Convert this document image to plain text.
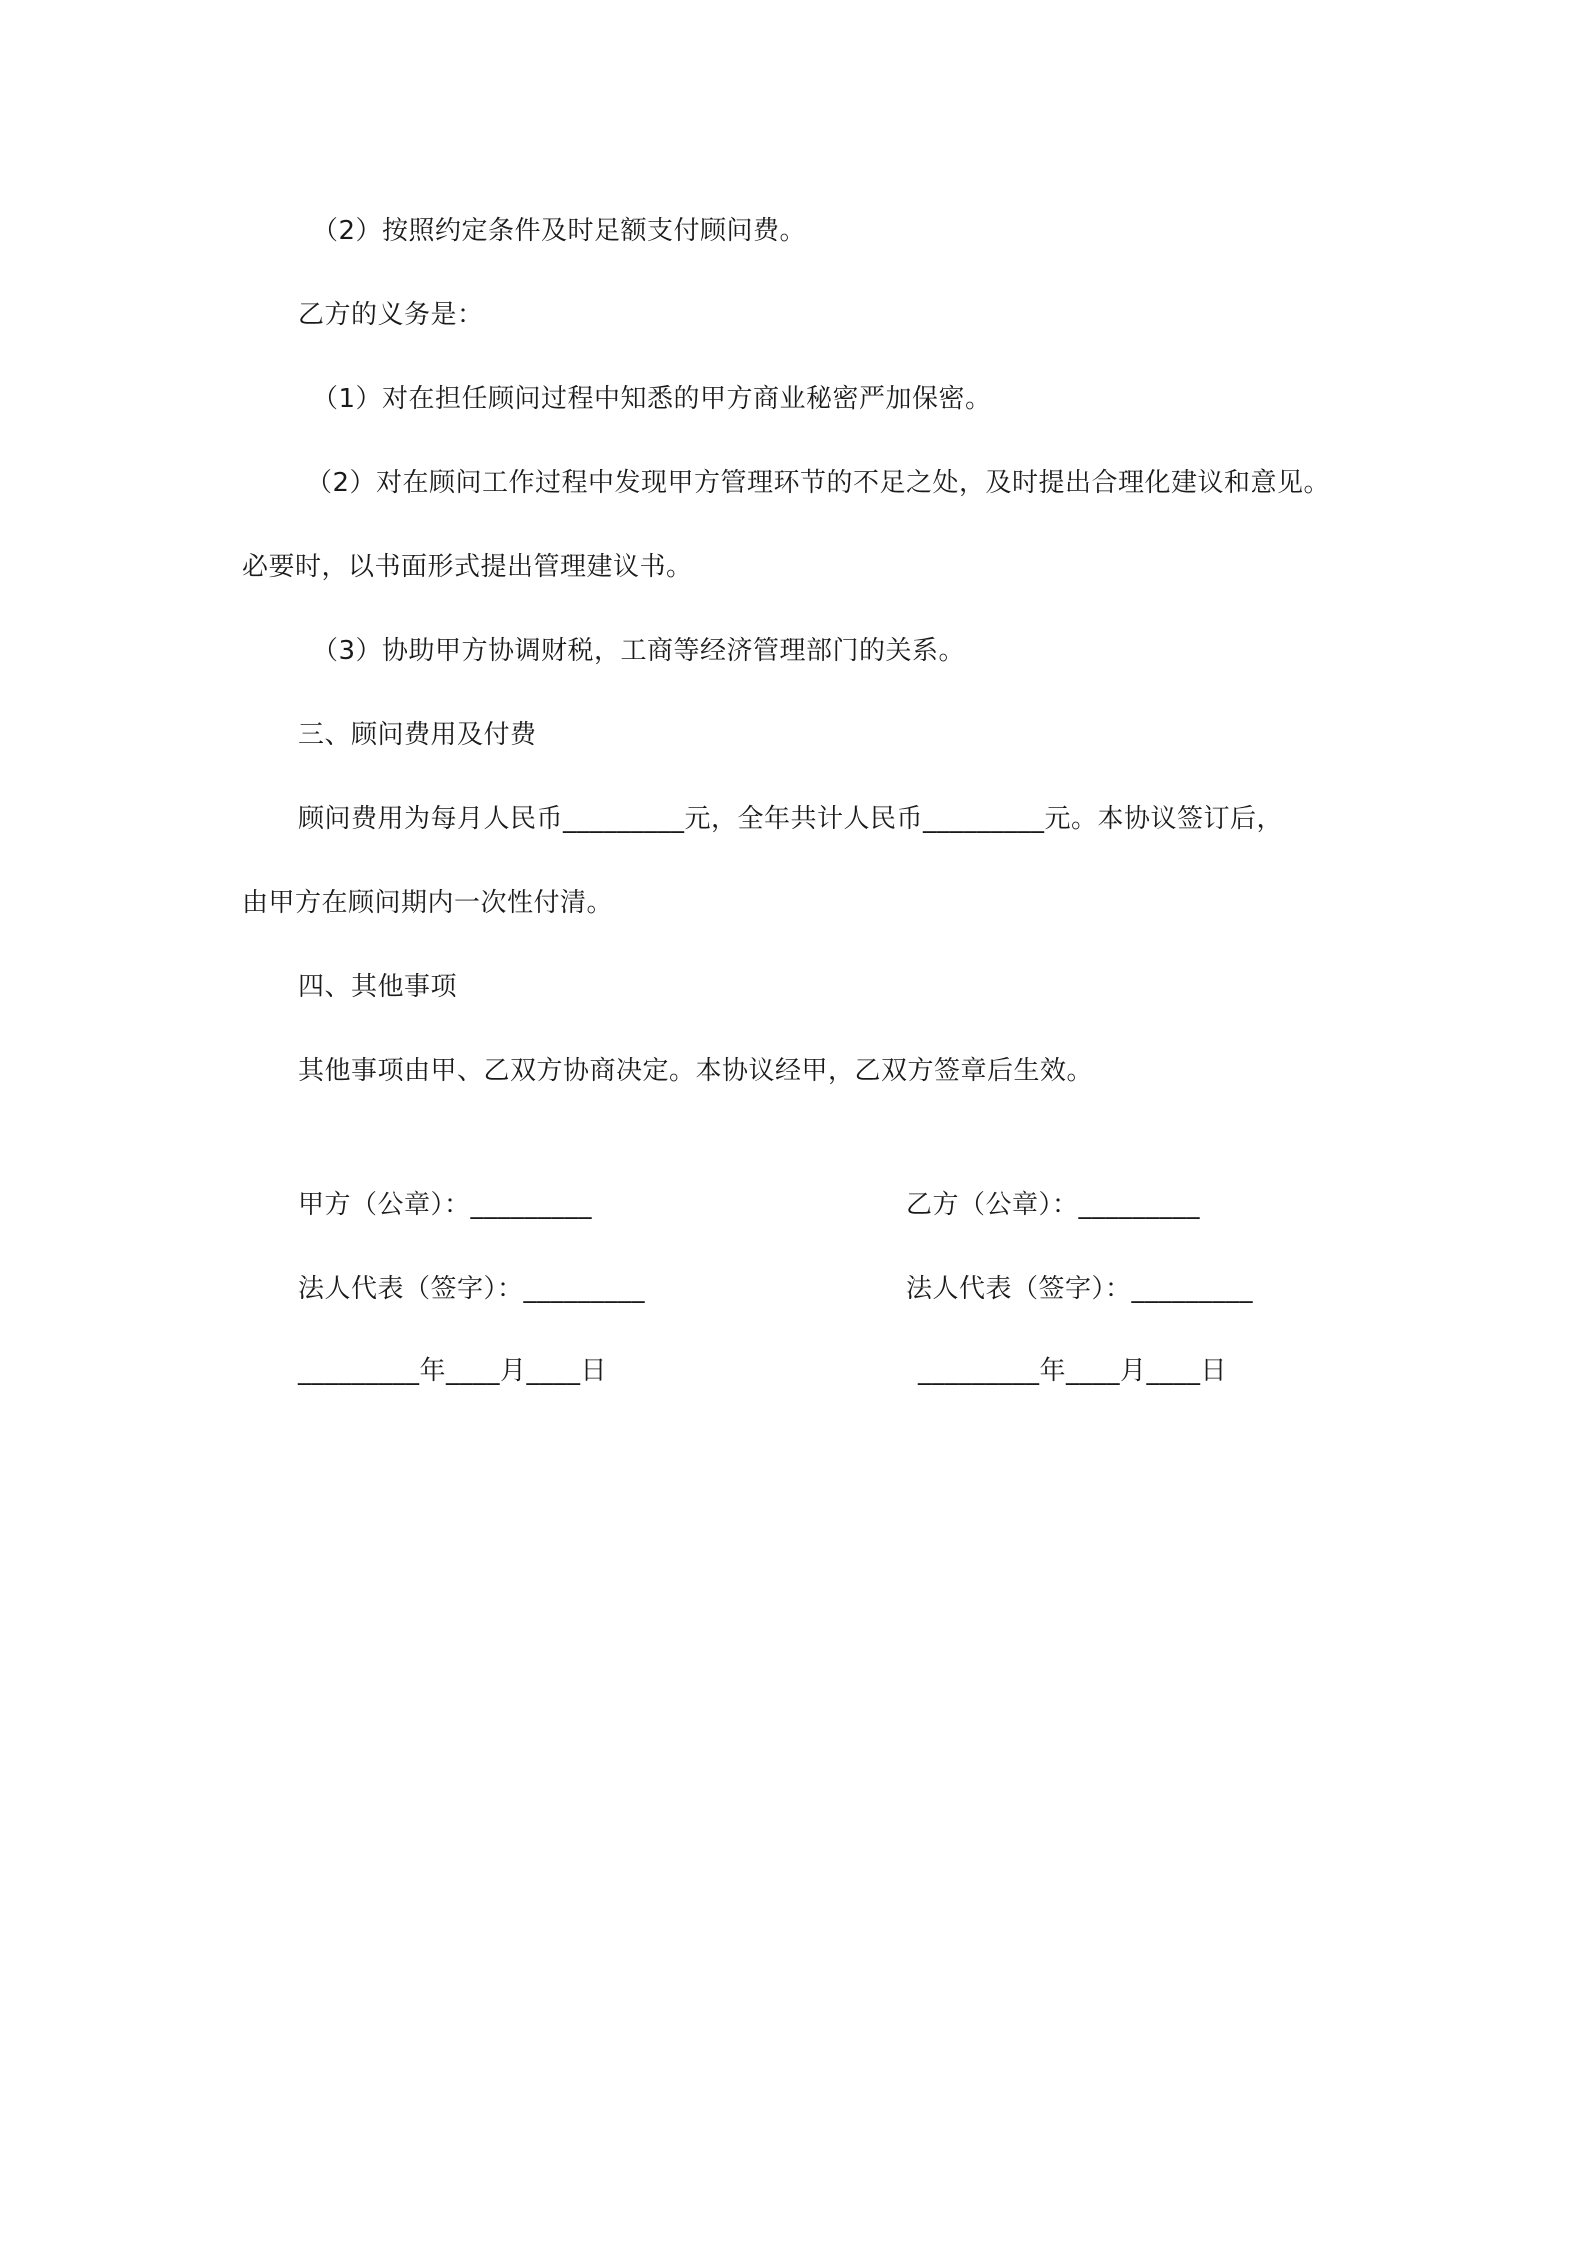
（2）按照约定条件及时足额支付顾问费。
乙方的义务是：
（1）对在担任顾问过程中知悉的甲方商业秘密严加保密。
（2）对在顾问工作过程中发现甲方管理环节的不足之处，及时提出合理化建议和意见。
必要时，以书面形式提出管理建议书。
（3）协助甲方协调财税，工商等经济管理部门的关系。
三、顾问费用及付费
顾问费用为每月人民币_________元，全年共计人民币_________元。本协议签订后，
由甲方在顾问期内一次性付清。
四、其他事项
其他事项由甲、乙双方协商决定。本协议经甲，乙双方签章后生效。
甲方（公章）：_________	乙方（公章）：_________
法人代表（签字）：_________	法人代表（签字）：_________
_________年____月____日	_________年____月____日
